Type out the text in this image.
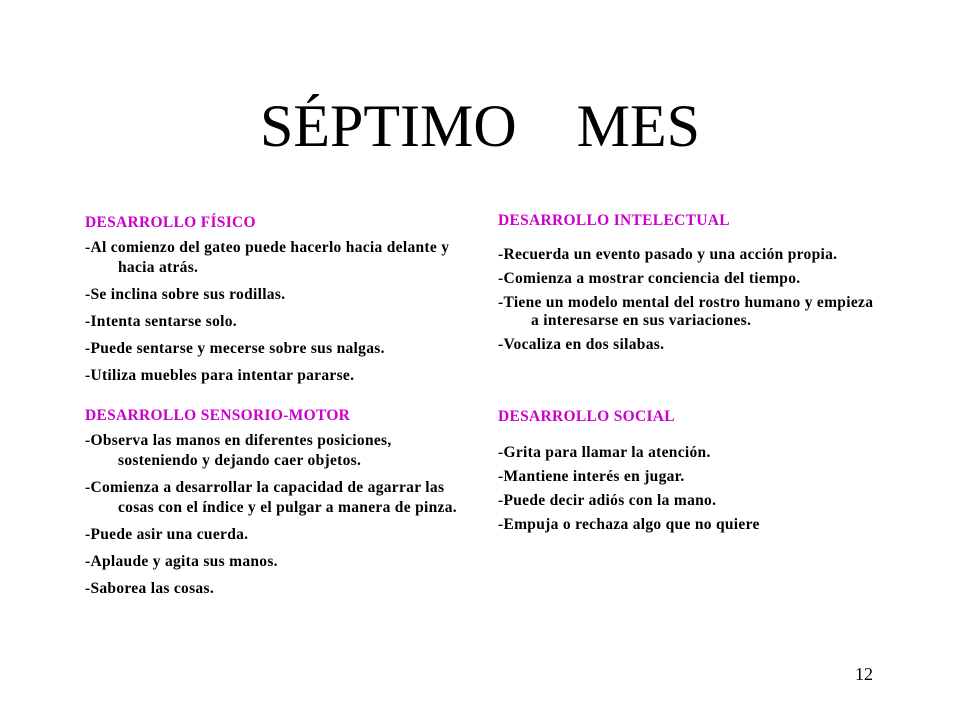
SÉPTIMO    MES
DESARROLLO FÍSICO
-Al comienzo del gateo puede hacerlo hacia delante y hacia atrás.
-Se inclina sobre sus rodillas.
-Intenta sentarse solo.
-Puede sentarse y mecerse sobre sus nalgas.
-Utiliza muebles para intentar pararse.
DESARROLLO SENSORIO-MOTOR
-Observa las manos en diferentes posiciones, sosteniendo y dejando caer objetos.
-Comienza a desarrollar la capacidad de agarrar las cosas con el índice y el pulgar a manera de pinza.
-Puede asir una cuerda.
-Aplaude y agita sus manos.
-Saborea las cosas.
DESARROLLO INTELECTUAL
-Recuerda un evento pasado y una acción propia.
-Comienza a mostrar conciencia del tiempo.
-Tiene un modelo mental del rostro humano y empieza a interesarse en sus variaciones.
-Vocaliza en dos silabas.
DESARROLLO SOCIAL
-Grita para llamar la atención.
-Mantiene interés en jugar.
-Puede decir adiós con la mano.
-Empuja o rechaza algo que no quiere
12
